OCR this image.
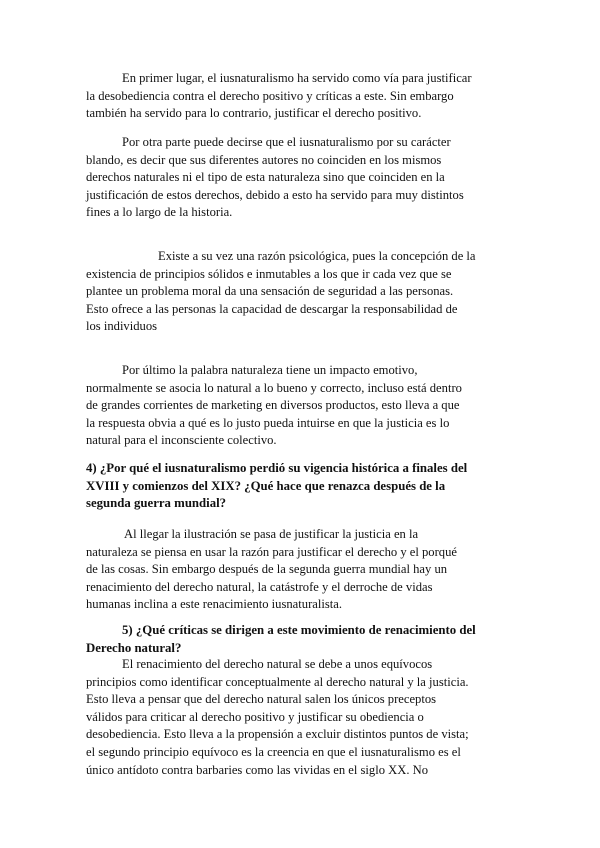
En primer lugar, el iusnaturalismo ha servido como vía para justificar
la desobediencia contra el derecho positivo y críticas a este. Sin embargo
también ha servido para lo contrario, justificar el derecho positivo.

Por otra parte puede decirse que el iusnaturalismo por su carácter
blando, es decir que sus diferentes autores no coinciden en los mismos
derechos naturales ni el tipo de esta naturaleza sino que coinciden en la
justificación de estos derechos, debido a esto ha servido para muy distintos
fines a lo largo de la historia.

Existe a su vez una razón psicológica, pues la concepción de la
existencia de principios sólidos e inmutables a los que ir cada vez que se
plantee un problema moral da una sensación de seguridad a las personas.
Esto ofrece a las personas la capacidad de descargar la responsabilidad de
los individuos

Por último la palabra naturaleza tiene un impacto emotivo,
normalmente se asocia lo natural a lo bueno y correcto, incluso está dentro
de grandes corrientes de marketing en diversos productos, esto lleva a que
la respuesta obvia a qué es lo justo pueda intuirse en que la justicia es lo
natural para el inconsciente colectivo.

4) ¿Por qué el iusnaturalismo perdió su vigencia histórica a finales del
XVIII y comienzos del XIX? ¿Qué hace que renazca después de la
segunda guerra mundial?

Al llegar la ilustración se pasa de justificar la justicia en la
naturaleza se piensa en usar la razón para justificar el derecho y el porqué
de las cosas. Sin embargo después de la segunda guerra mundial hay un
renacimiento del derecho natural, la catástrofe y el derroche de vidas
humanas inclina a este renacimiento iusnaturalista.

5) ¿Qué críticas se dirigen a este movimiento de renacimiento del
Derecho natural?

El renacimiento del derecho natural se debe a unos equívocos
principios como identificar conceptualmente al derecho natural y la justicia.
Esto lleva a pensar que del derecho natural salen los únicos preceptos
válidos para criticar al derecho positivo y justificar su obediencia o
desobediencia. Esto lleva a la propensión a excluir distintos puntos de vista;
el segundo principio equívoco es la creencia en que el iusnaturalismo es el
único antídoto contra barbaries como las vividas en el siglo XX. No
